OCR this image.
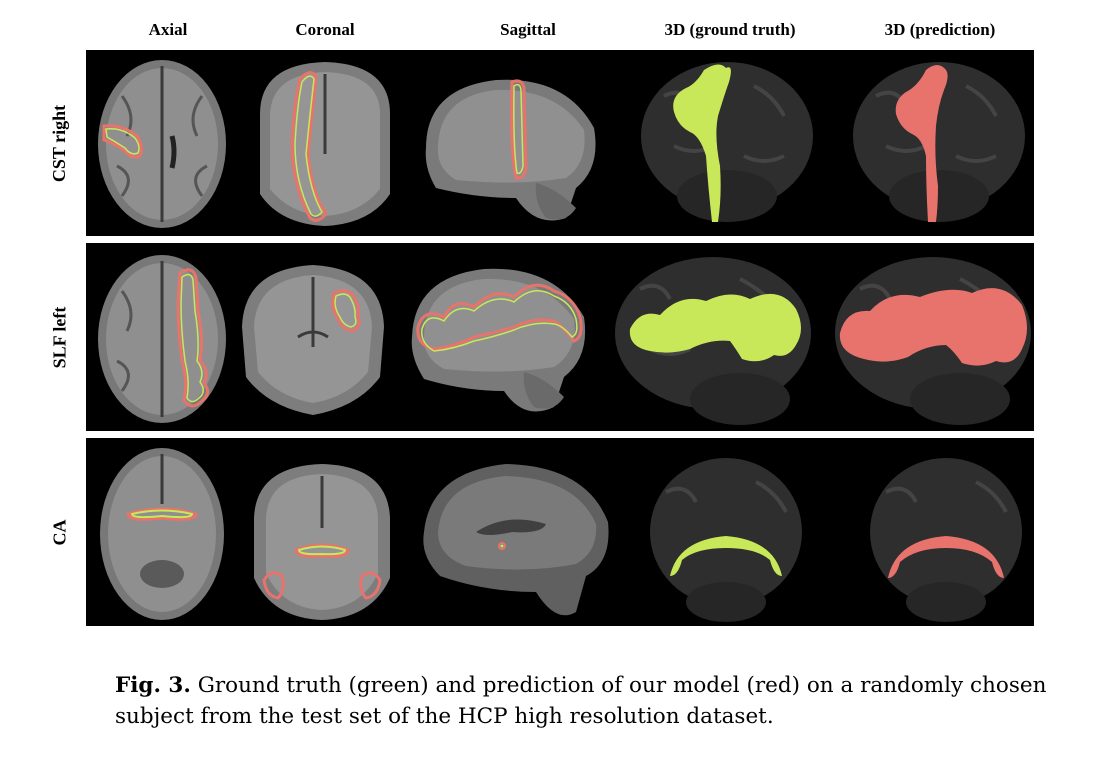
Axial	Coronal	Sagittal	3D (ground truth)	3D (prediction)
CST right
SLF left
CA
Fig. 3. Ground truth (green) and prediction of our model (red) on a randomly chosen subject from the test set of the HCP high resolution dataset.
